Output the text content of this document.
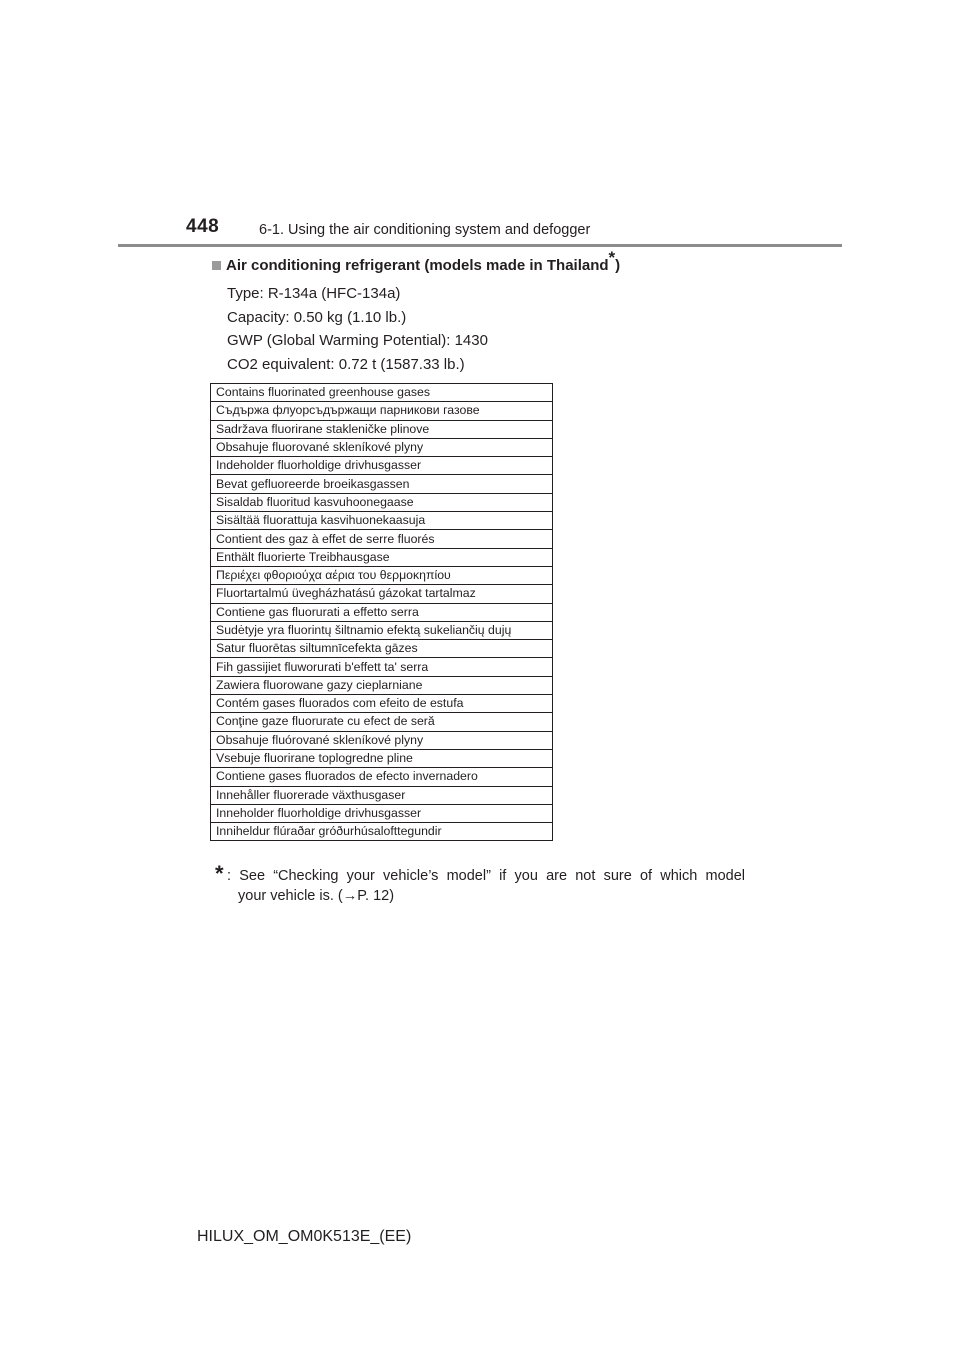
448	6-1. Using the air conditioning system and defogger
Air conditioning refrigerant (models made in Thailand* )
Type: R-134a (HFC-134a)
Capacity: 0.50 kg (1.10 lb.)
GWP (Global Warming Potential): 1430
CO2 equivalent: 0.72 t (1587.33 lb.)
Contains fluorinated greenhouse gases
Съдържа флуорсъдържащи парникови газове
Sadržava fluorirane stakleničke plinove
Obsahuje fluorované skleníkové plyny
Indeholder fluorholdige drivhusgasser
Bevat gefluoreerde broeikasgassen
Sisaldab fluoritud kasvuhoonegaase
Sisältää fluorattuja kasvihuonekaasuja
Contient des gaz à effet de serre fluorés
Enthält fluorierte Treibhausgase
Περιέχει φθοριούχα αέρια του θερμοκηπίου
Fluortartalmú üvegházhatású gázokat tartalmaz
Contiene gas fluorurati a effetto serra
Sudėtyje yra fluorintų šiltnamio efektą sukeliančių dujų
Satur fluorētas siltumnīcefekta gāzes
Fih gassijiet fluworurati b'effett ta' serra
Zawiera fluorowane gazy cieplarniane
Contém gases fluorados com efeito de estufa
Conţine gaze fluorurate cu efect de seră
Obsahuje fluórované skleníkové plyny
Vsebuje fluorirane toplogredne pline
Contiene gases fluorados de efecto invernadero
Innehåller fluorerade växthusgaser
Inneholder fluorholdige drivhusgasser
Inniheldur flúraðar gróðurhúsalofttegundir
* : See “Checking your vehicle’s model” if you are not sure of which model
your vehicle is. (→P. 12)
HILUX_OM_OM0K513E_(EE)
